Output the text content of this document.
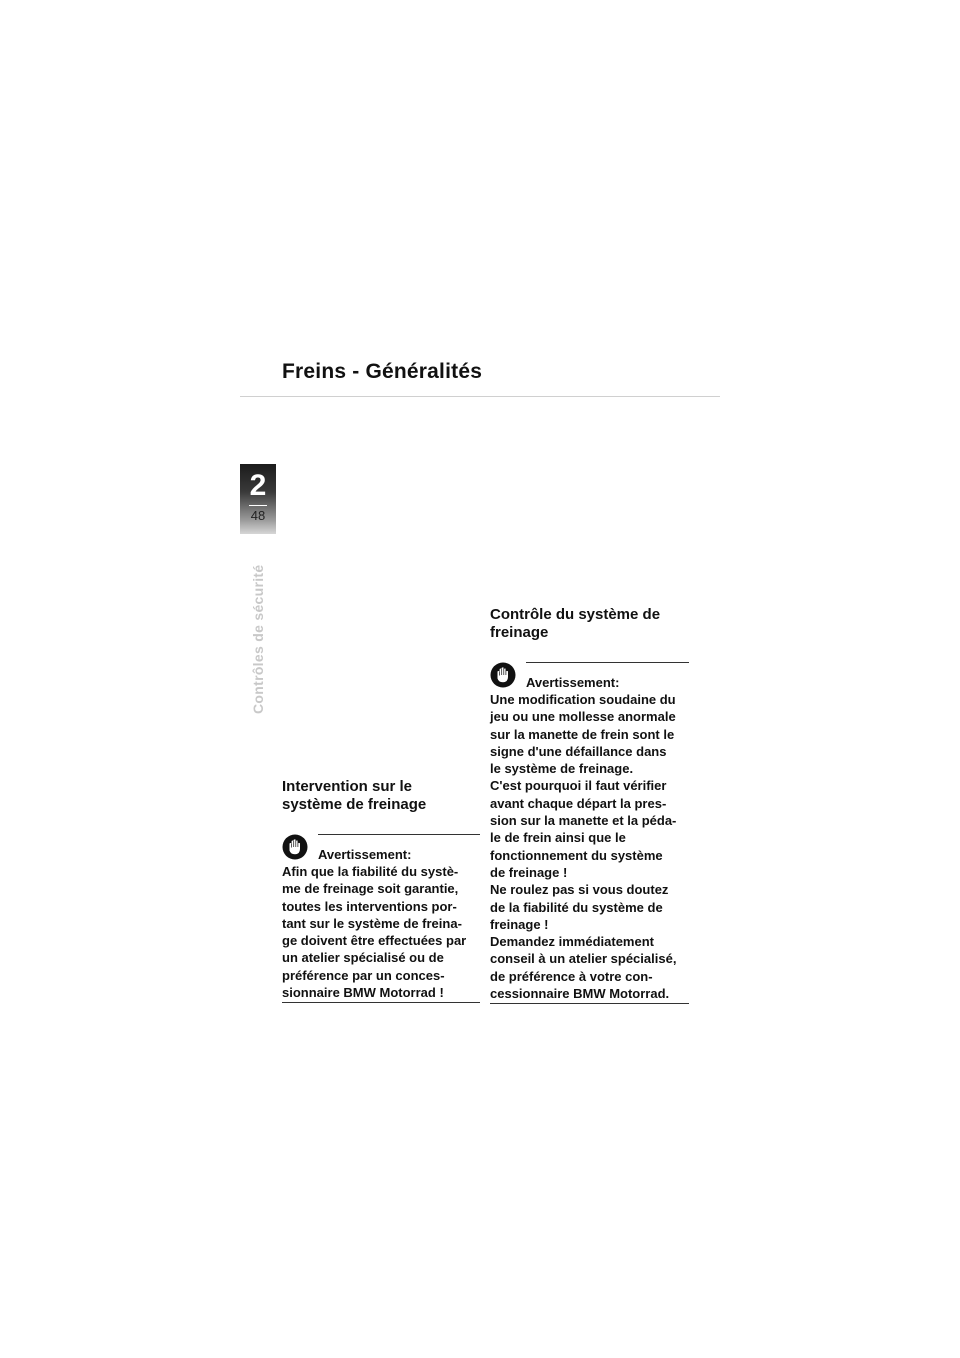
Freins - Généralités
2
48
Contrôles de sécurité
Intervention sur le
système de freinage
Avertissement:

Afin que la fiabilité du systè-
me de freinage soit garantie,
toutes les interventions por-
tant sur le système de freina-
ge doivent être effectuées par
un atelier spécialisé ou de
préférence par un conces-
sionnaire BMW Motorrad !

Contrôle du système de
freinage
Avertissement:

Une modification soudaine du
jeu ou une mollesse anormale
sur la manette de frein sont le
signe d'une défaillance dans
le système de freinage.
C'est pourquoi il faut vérifier
avant chaque départ la pres-
sion sur la manette et la péda-
le de frein ainsi que le
fonctionnement du système
de freinage !
Ne roulez pas si vous doutez
de la fiabilité du système de
freinage !
Demandez immédiatement
conseil à un atelier spécialisé,
de préférence à votre con-
cessionnaire BMW Motorrad.
